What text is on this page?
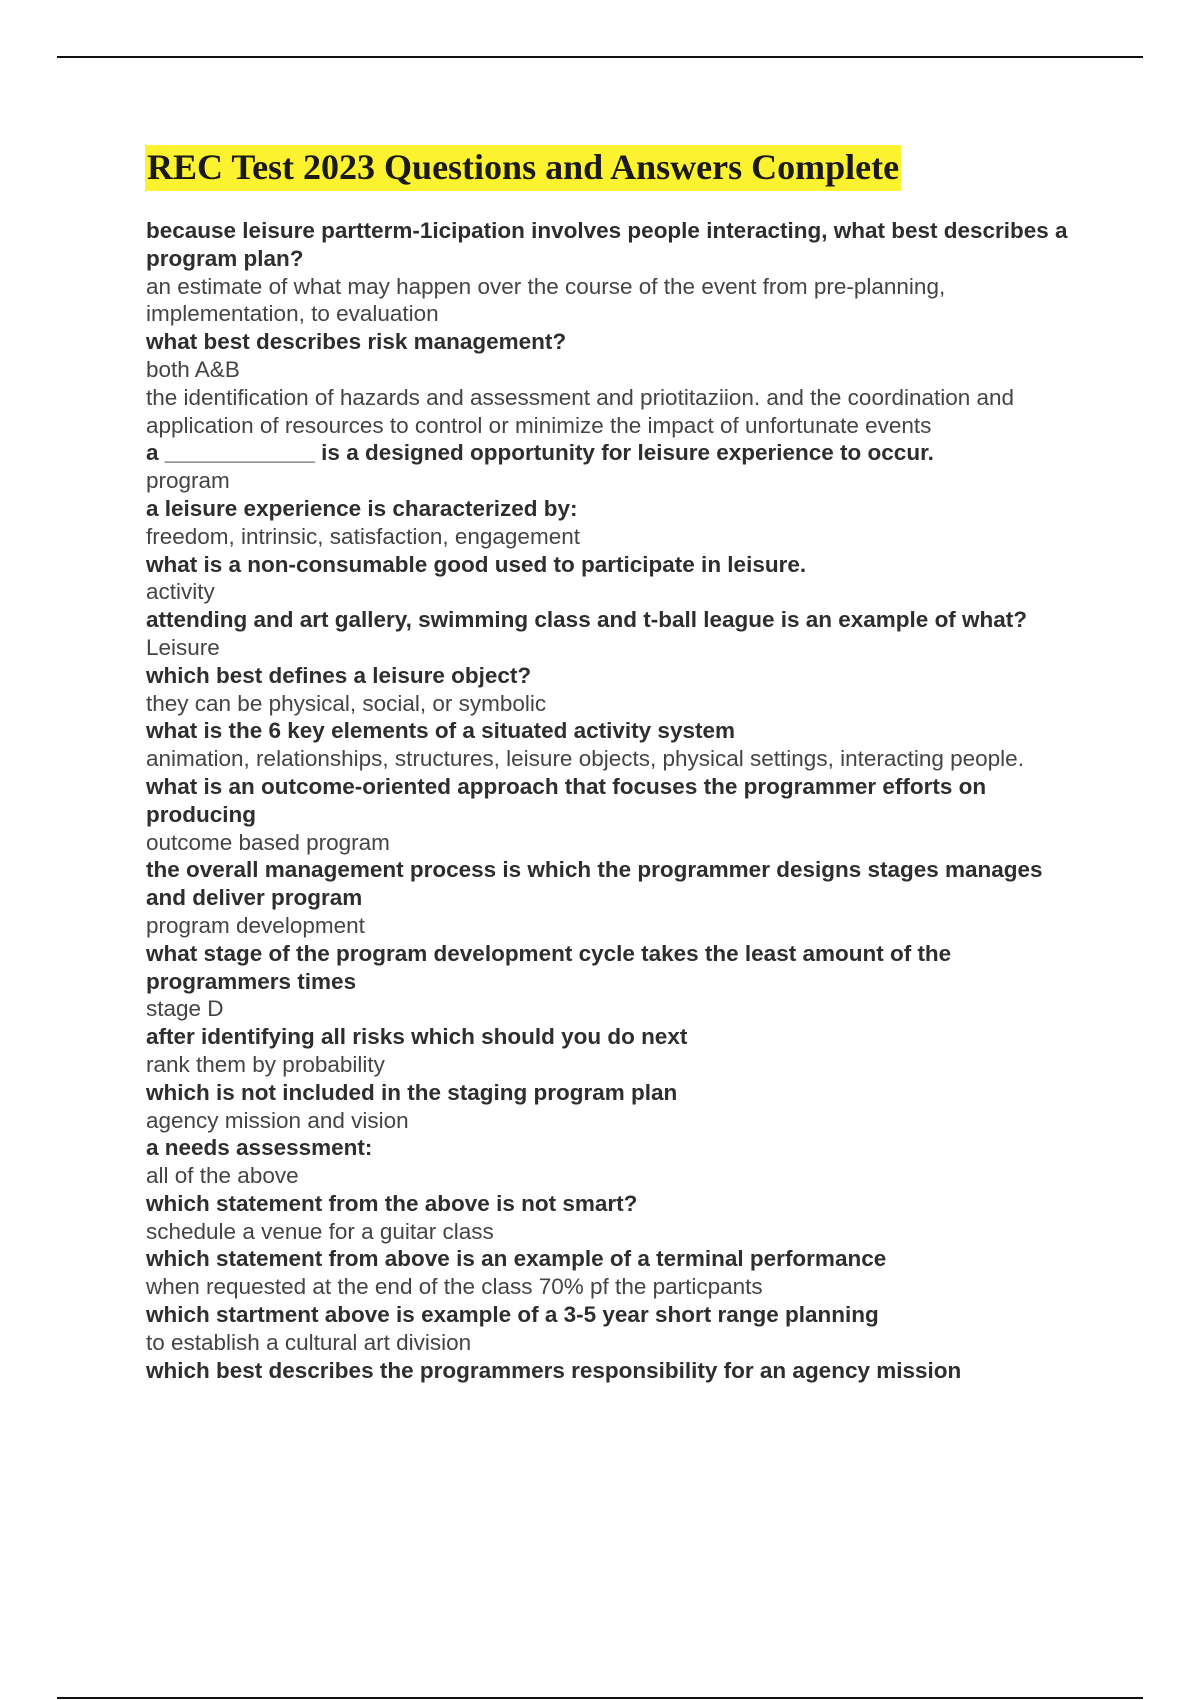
REC Test 2023 Questions and Answers Complete

because leisure partterm-1icipation involves people interacting, what best describes a program plan?

an estimate of what may happen over the course of the event from pre-planning, implementation, to evaluation

what best describes risk management?

both A&B

the identification of hazards and assessment and priotitaziion. and the coordination and application of resources to control or minimize the impact of unfortunate events

a ____________ is a designed opportunity for leisure experience to occur.

program

a leisure experience is characterized by:

freedom, intrinsic, satisfaction, engagement

what is a non-consumable good used to participate in leisure.

activity

attending and art gallery, swimming class and t-ball league is an example of what?

Leisure

which best defines a leisure object?

they can be physical, social, or symbolic

what is the 6 key elements of a situated activity system

animation, relationships, structures, leisure objects, physical settings, interacting people.

what is an outcome-oriented approach that focuses the programmer efforts on producing

outcome based program

the overall management process is which the programmer designs stages manages and deliver program

program development

what stage of the program development cycle takes the least amount of the programmers times

stage D

after identifying all risks which should you do next

rank them by probability

which is not included in the staging program plan

agency mission and vision

a needs assessment:

all of the above

which statement from the above is not smart?

schedule a venue for a guitar class

which statement from above is an example of a terminal performance

when requested at the end of the class 70% pf the particpants

which startment above is example of a 3-5 year short range planning

to establish a cultural art division

which best describes the programmers responsibility for an agency mission
